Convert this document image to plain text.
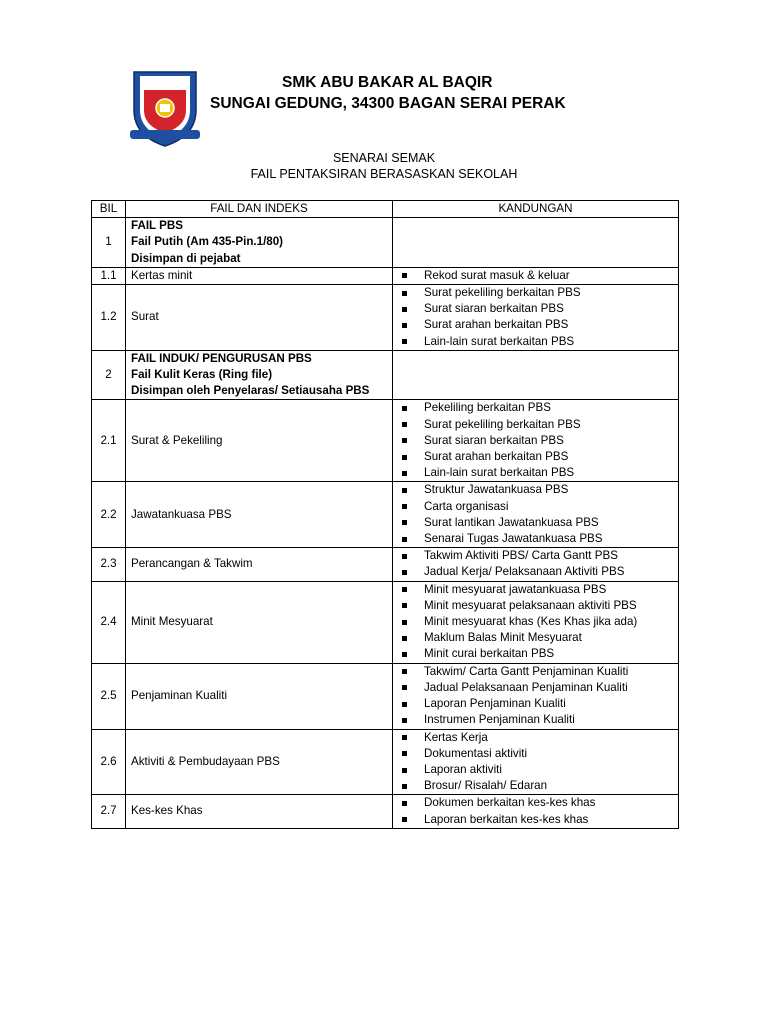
SMK ABU BAKAR AL BAQIR
SUNGAI GEDUNG, 34300 BAGAN SERAI PERAK
SENARAI SEMAK
FAIL PENTAKSIRAN BERASASKAN SEKOLAH
BIL	FAIL DAN INDEKS	KANDUNGAN
1	FAIL PBS
Fail Putih (Am 435-Pin.1/80)
Disimpan di pejabat	

1.1	Kertas minit	Rekod surat masuk & keluar

1.2	Surat	Surat pekeliling berkaitan PBS
Surat siaran berkaitan PBS
Surat arahan berkaitan PBS
Lain-lain surat berkaitan PBS

2	FAIL INDUK/ PENGURUSAN PBS
Fail Kulit Keras (Ring file)
Disimpan oleh Penyelaras/ Setiausaha PBS	

2.1	Surat & Pekeliling	Pekeliling berkaitan PBS
Surat pekeliling berkaitan PBS
Surat siaran berkaitan PBS
Surat arahan berkaitan PBS
Lain-lain surat berkaitan PBS

2.2	Jawatankuasa PBS	Struktur Jawatankuasa PBS
Carta organisasi
Surat lantikan Jawatankuasa PBS
Senarai Tugas Jawatankuasa PBS

2.3	Perancangan & Takwim	Takwim Aktiviti PBS/ Carta Gantt PBS
Jadual Kerja/ Pelaksanaan Aktiviti PBS

2.4	Minit Mesyuarat	Minit mesyuarat jawatankuasa PBS
Minit mesyuarat pelaksanaan aktiviti PBS
Minit mesyuarat khas (Kes Khas jika ada)
Maklum Balas Minit Mesyuarat
Minit curai berkaitan PBS

2.5	Penjaminan Kualiti	Takwim/ Carta Gantt Penjaminan Kualiti
Jadual Pelaksanaan Penjaminan Kualiti
Laporan Penjaminan Kualiti
Instrumen Penjaminan Kualiti

2.6	Aktiviti & Pembudayaan PBS	Kertas Kerja
Dokumentasi aktiviti
Laporan aktiviti
Brosur/ Risalah/ Edaran

2.7	Kes-kes Khas	Dokumen berkaitan kes-kes khas
Laporan berkaitan kes-kes khas
